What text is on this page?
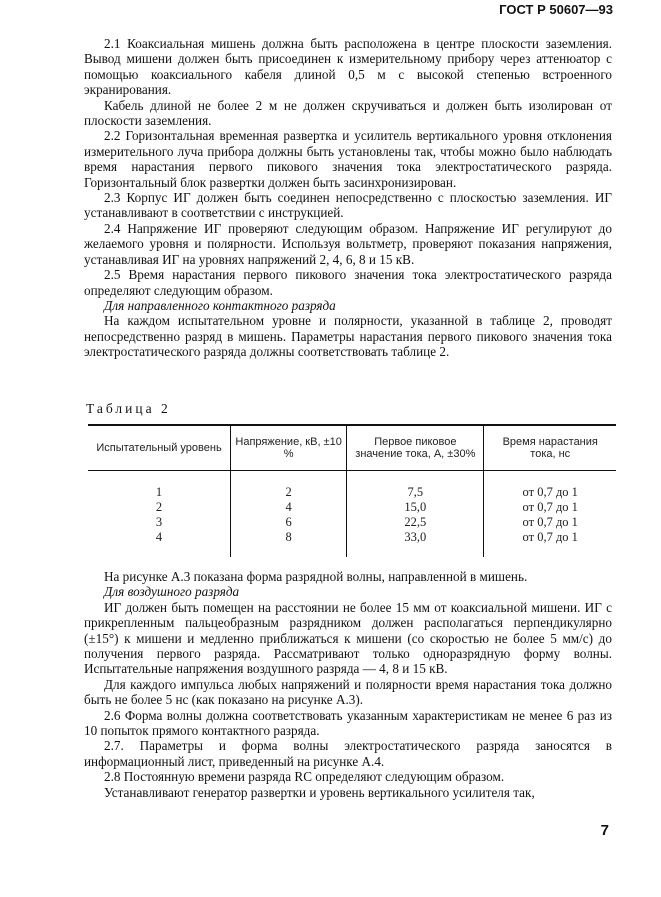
ГОСТ Р 50607—93

2.1 Коаксиальная мишень должна быть расположена в центре плоскости заземления. Вывод мишени должен быть присоединен к измерительному прибору через аттенюатор с помощью коаксиального кабеля длиной 0,5 м с высокой степенью встроенного экранирования.

Кабель длиной не более 2 м не должен скручиваться и должен быть изолирован от плоскости заземления.

2.2 Горизонтальная временная развертка и усилитель вертикального уровня отклонения измерительного луча прибора должны быть установлены так, чтобы можно было наблюдать время нарастания первого пикового значения тока электростатического разряда. Горизонтальный блок развертки должен быть засинхронизирован.

2.3 Корпус ИГ должен быть соединен непосредственно с плоскостью заземления. ИГ устанавливают в соответствии с инструкцией.

2.4 Напряжение ИГ проверяют следующим образом. Напряжение ИГ регулируют до желаемого уровня и полярности. Используя вольтметр, проверяют показания напряжения, устанавливая ИГ на уровнях напряжений 2, 4, 6, 8 и 15 кВ.

2.5 Время нарастания первого пикового значения тока электростатического разряда определяют следующим образом.

Для направленного контактного разряда

На каждом испытательном уровне и полярности, указанной в таблице 2, проводят непосредственно разряд в мишень. Параметры нарастания первого пикового значения тока электростатического разряда должны соответствовать таблице 2.

Таблица 2
Испытательный уровень	Напряжение, кВ, ±10 %	Первое пиковое значение тока, А, ±30%	Время нарастания тока, нс
1	2	7,5	от 0,7 до 1
2	4	15,0	от 0,7 до 1
3	6	22,5	от 0,7 до 1
4	8	33,0	от 0,7 до 1

На рисунке А.3 показана форма разрядной волны, направленной в мишень.

Для воздушного разряда

ИГ должен быть помещен на расстоянии не более 15 мм от коаксиальной мишени. ИГ с прикрепленным пальцеобразным разрядником должен располагаться перпендикулярно (±15°) к мишени и медленно приближаться к мишени (со скоростью не более 5 мм/с) до получения первого разряда. Рассматривают только одноразрядную форму волны. Испытательные напряжения воздушного разряда — 4, 8 и 15 кВ.

Для каждого импульса любых напряжений и полярности время нарастания тока должно быть не более 5 нс (как показано на рисунке А.3).

2.6 Форма волны должна соответствовать указанным характеристикам не менее 6 раз из 10 попыток прямого контактного разряда.

2.7. Параметры и форма волны электростатического разряда заносятся в информационный лист, приведенный на рисунке А.4.

2.8 Постоянную времени разряда RC определяют следующим образом.

Устанавливают генератор развертки и уровень вертикального усилителя так,

7
